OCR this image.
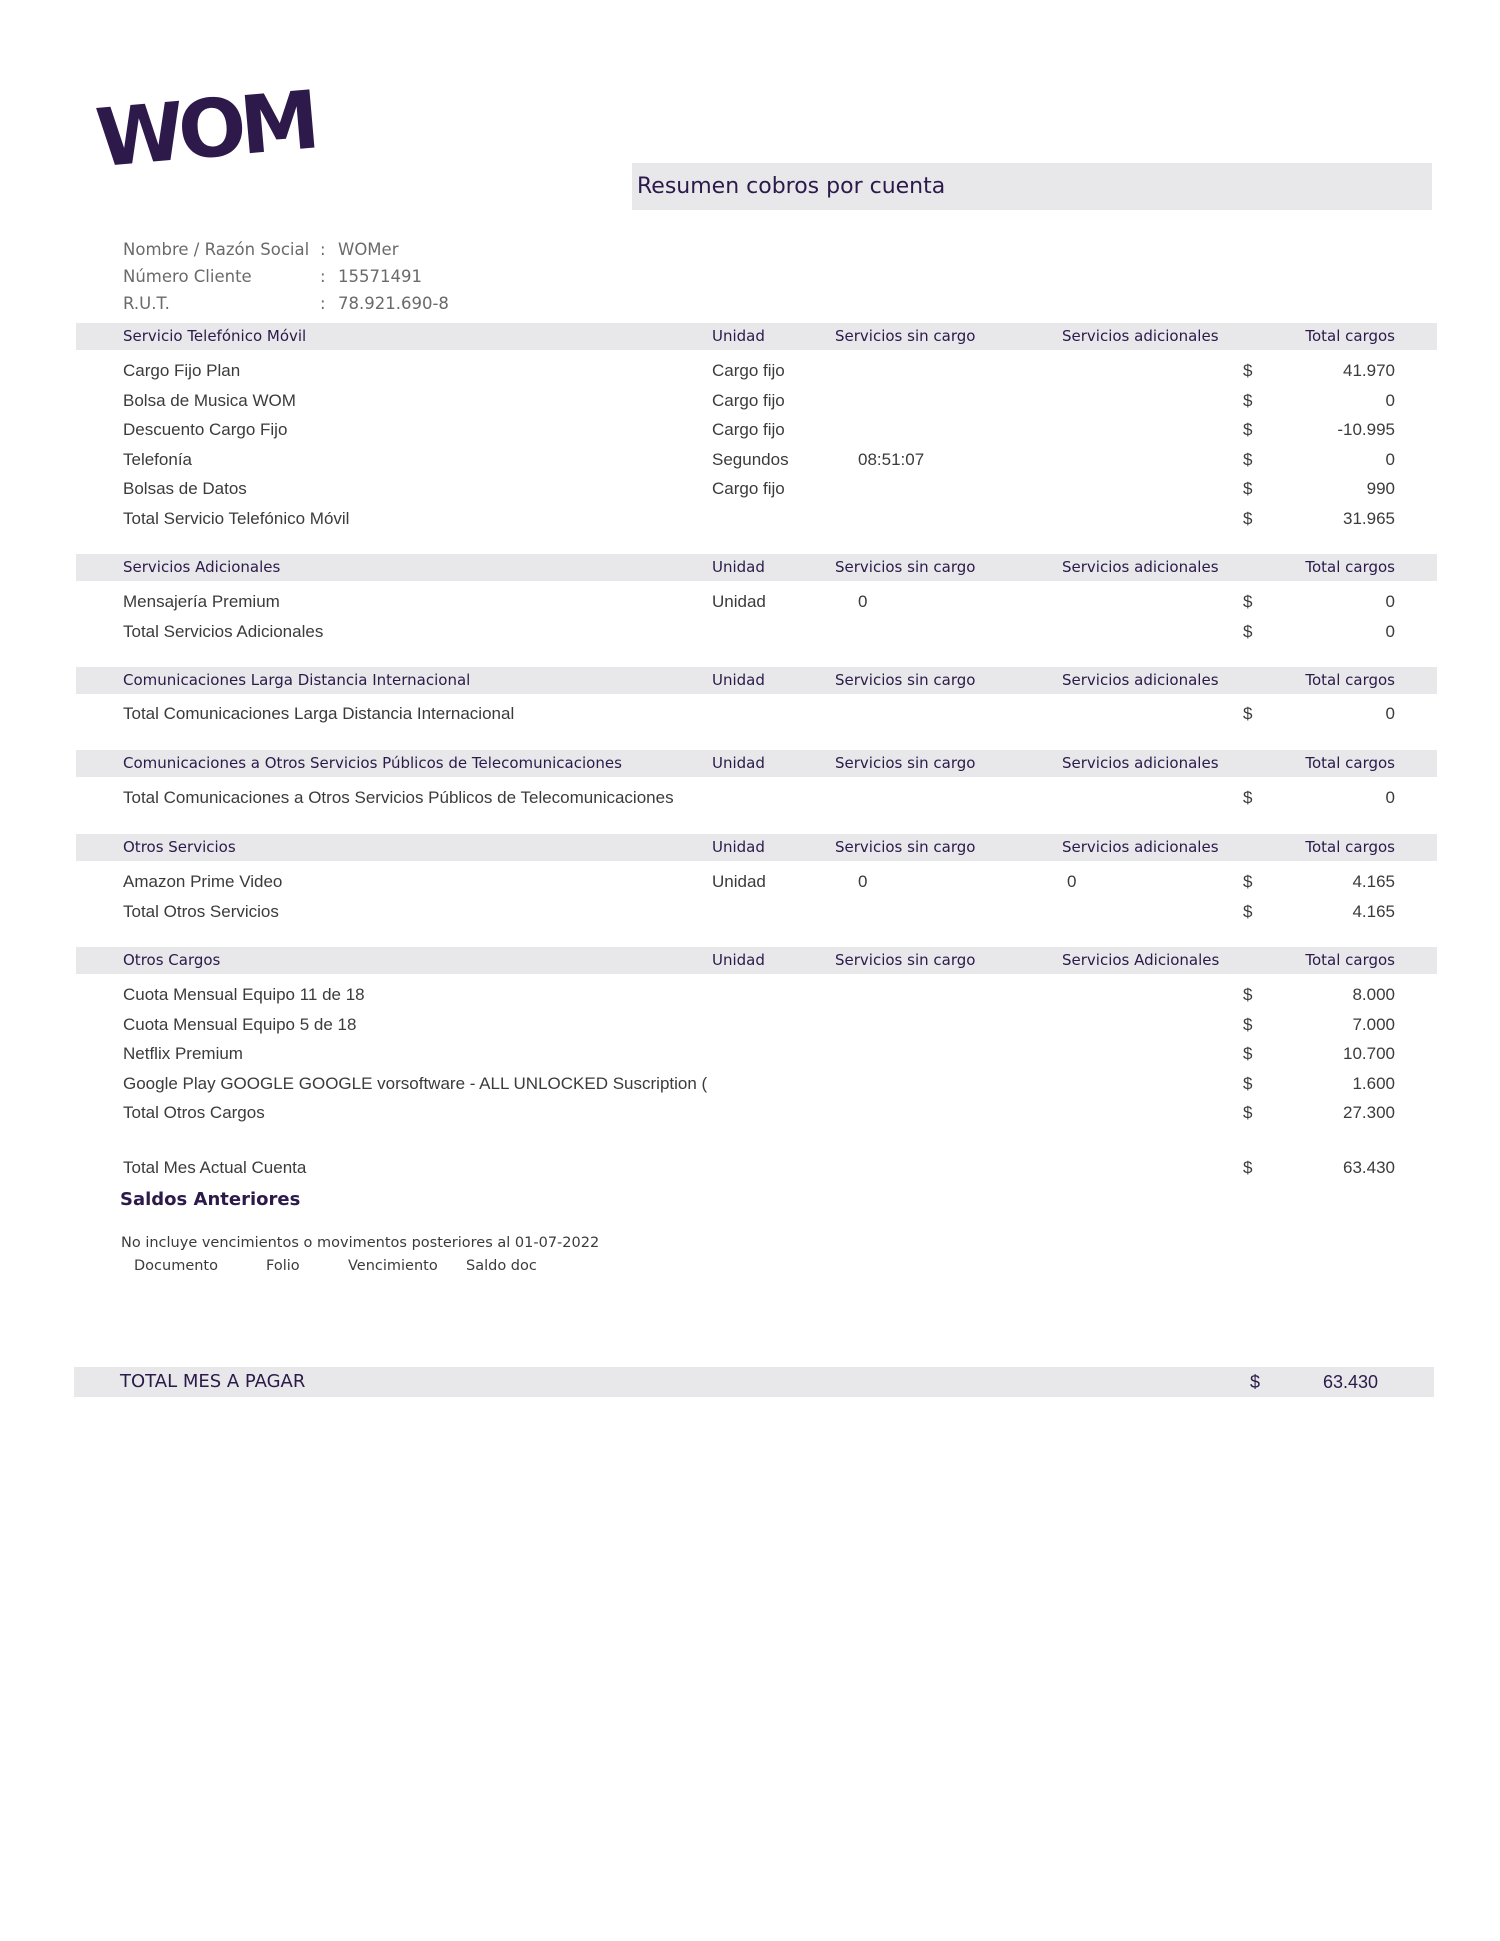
WOM
Resumen cobros por cuenta
Nombre / Razón Social : WOMer
Número Cliente	: 15571491
R.U.T.	: 78.921.690-8
Servicio Telefónico Móvil	Unidad	Servicios sin cargo	Servicios adicionales	Total cargos
Cargo Fijo Plan	Cargo fijo	$	41.970
Bolsa de Musica WOM	Cargo fijo	$	0
Descuento Cargo Fijo	Cargo fijo	$	-10.995
Telefonía	Segundos	08:51:07	$	0
Bolsas de Datos	Cargo fijo	$	990
Total Servicio Telefónico Móvil	$	31.965
Servicios Adicionales	Unidad	Servicios sin cargo	Servicios adicionales	Total cargos
Mensajería Premium	Unidad	0	$	0
Total Servicios Adicionales	$	0
Comunicaciones Larga Distancia Internacional	Unidad	Servicios sin cargo	Servicios adicionales	Total cargos
Total Comunicaciones Larga Distancia Internacional	$	0
Comunicaciones a Otros Servicios Públicos de Telecomunicaciones	Unidad	Servicios sin cargo	Servicios adicionales	Total cargos
Total Comunicaciones a Otros Servicios Públicos de Telecomunicaciones	$	0
Otros Servicios	Unidad	Servicios sin cargo	Servicios adicionales	Total cargos
Amazon Prime Video	Unidad	0	0	$	4.165
Total Otros Servicios	$	4.165
Otros Cargos	Unidad	Servicios sin cargo	Servicios Adicionales	Total cargos
Cuota Mensual Equipo 11 de 18	$	8.000
Cuota Mensual Equipo 5 de 18	$	7.000
Netflix Premium	$	10.700
Google Play GOOGLE GOOGLE vorsoftware - ALL UNLOCKED Suscription (	$	1.600
Total Otros Cargos	$	27.300
Total Mes Actual Cuenta	$	63.430
Saldos Anteriores
No incluye vencimientos o movimentos posteriores al 01-07-2022
Documento	Folio	Vencimiento Saldo doc
TOTAL MES A PAGAR	$	63.430
